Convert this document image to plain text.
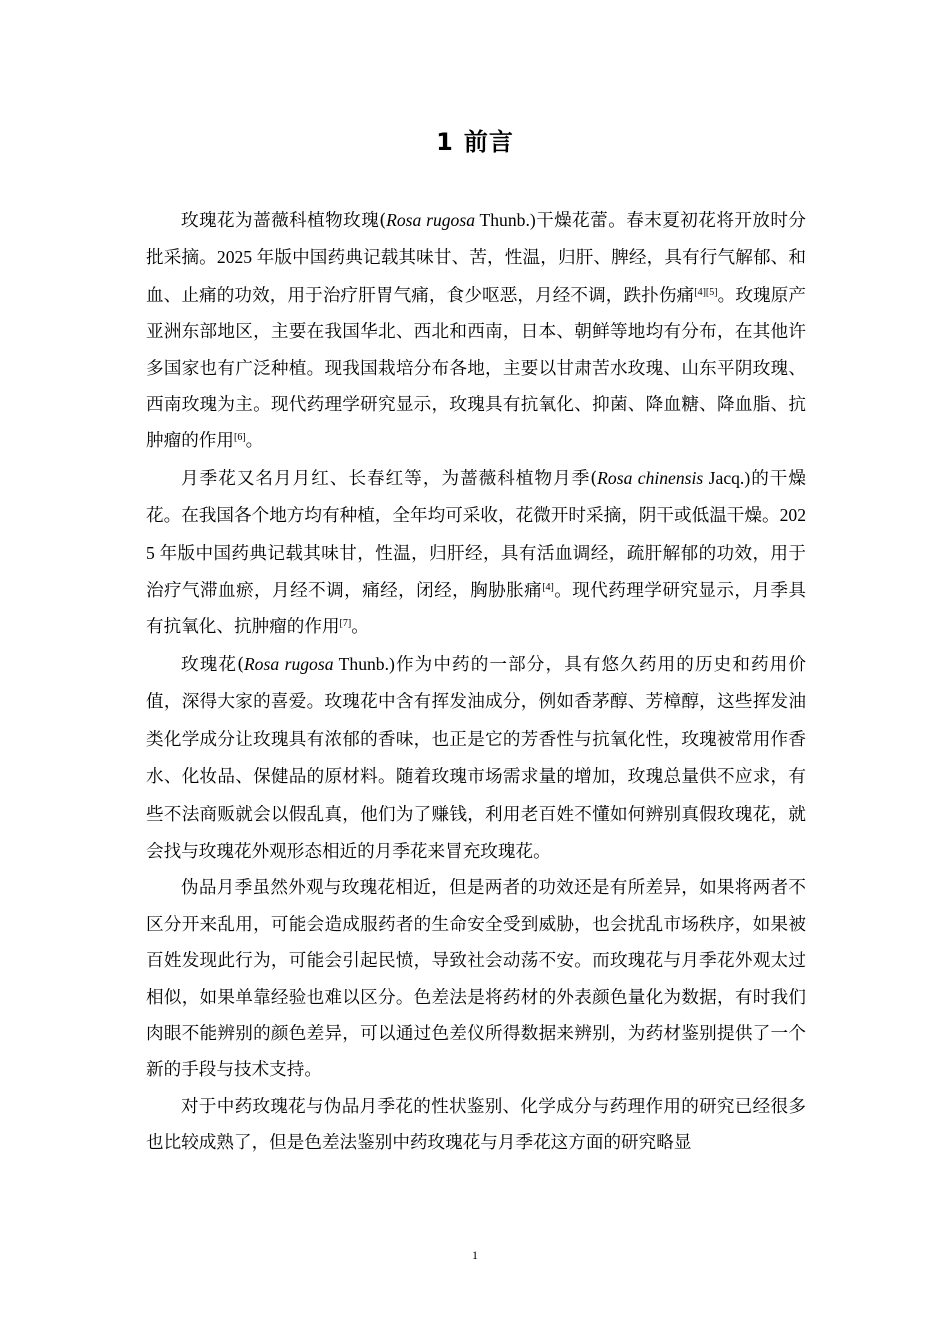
1 前言

玫瑰花为蔷薇科植物玫瑰(Rosa rugosa Thunb.)干燥花蕾。春末夏初花将开放时分批采摘。2025 年版中国药典记载其味甘、苦，性温，归肝、脾经，具有行气解郁、和血、止痛的功效，用于治疗肝胃气痛，食少呕恶，月经不调，跌扑伤痛[4][5]。玫瑰原产亚洲东部地区，主要在我国华北、西北和西南，日本、朝鲜等地均有分布，在其他许多国家也有广泛种植。现我国栽培分布各地，主要以甘肃苦水玫瑰、山东平阴玫瑰、西南玫瑰为主。现代药理学研究显示，玫瑰具有抗氧化、抑菌、降血糖、降血脂、抗肿瘤的作用[6]。

月季花又名月月红、长春红等，为蔷薇科植物月季(Rosa chinensis Jacq.)的干燥花。在我国各个地方均有种植，全年均可采收，花微开时采摘，阴干或低温干燥。2025 年版中国药典记载其味甘，性温，归肝经，具有活血调经，疏肝解郁的功效，用于治疗气滞血瘀，月经不调，痛经，闭经，胸胁胀痛[4]。现代药理学研究显示，月季具有抗氧化、抗肿瘤的作用[7]。

玫瑰花(Rosa rugosa Thunb.)作为中药的一部分，具有悠久药用的历史和药用价值，深得大家的喜爱。玫瑰花中含有挥发油成分，例如香茅醇、芳樟醇，这些挥发油类化学成分让玫瑰具有浓郁的香味，也正是它的芳香性与抗氧化性，玫瑰被常用作香水、化妆品、保健品的原材料。随着玫瑰市场需求量的增加，玫瑰总量供不应求，有些不法商贩就会以假乱真，他们为了赚钱，利用老百姓不懂如何辨别真假玫瑰花，就会找与玫瑰花外观形态相近的月季花来冒充玫瑰花。

伪品月季虽然外观与玫瑰花相近，但是两者的功效还是有所差异，如果将两者不区分开来乱用，可能会造成服药者的生命安全受到威胁，也会扰乱市场秩序，如果被百姓发现此行为，可能会引起民愤，导致社会动荡不安。而玫瑰花与月季花外观太过相似，如果单靠经验也难以区分。色差法是将药材的外表颜色量化为数据，有时我们肉眼不能辨别的颜色差异，可以通过色差仪所得数据来辨别，为药材鉴别提供了一个新的手段与技术支持。

对于中药玫瑰花与伪品月季花的性状鉴别、化学成分与药理作用的研究已经很多也比较成熟了，但是色差法鉴别中药玫瑰花与月季花这方面的研究略显

1
